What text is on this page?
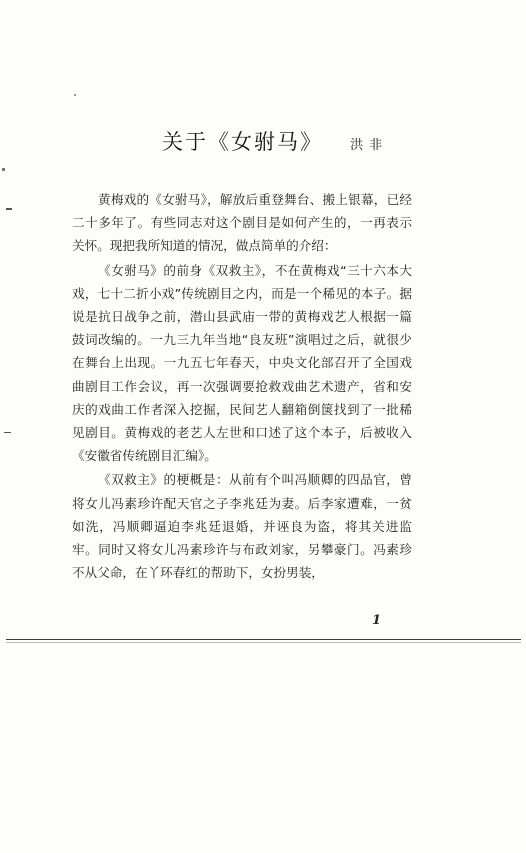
关于《女驸马》 洪非

黄梅戏的《女驸马》，解放后重登舞台、搬上银幕，已经二十多年了。有些同志对这个剧目是如何产生的，一再表示关怀。现把我所知道的情况，做点简单的介绍：

《女驸马》的前身《双救主》，不在黄梅戏“三十六本大戏，七十二折小戏”传统剧目之内，而是一个稀见的本子。据说是抗日战争之前，潜山县武庙一带的黄梅戏艺人根据一篇鼓词改编的。一九三九年当地“良友班”演唱过之后，就很少在舞台上出现。一九五七年春天，中央文化部召开了全国戏曲剧目工作会议，再一次强调要抢救戏曲艺术遗产，省和安庆的戏曲工作者深入挖掘，民间艺人翻箱倒箧找到了一批稀见剧目。黄梅戏的老艺人左世和口述了这个本子，后被收入《安徽省传统剧目汇编》。

《双救主》的梗概是：从前有个叫冯顺卿的四品官，曾将女儿冯素珍许配天官之子李兆廷为妻。后李家遭难，一贫如洗，冯顺卿逼迫李兆廷退婚，并诬良为盗，将其关进监牢。同时又将女儿冯素珍许与布政刘家，另攀豪门。冯素珍不从父命，在丫环春红的帮助下，女扮男装，

1
